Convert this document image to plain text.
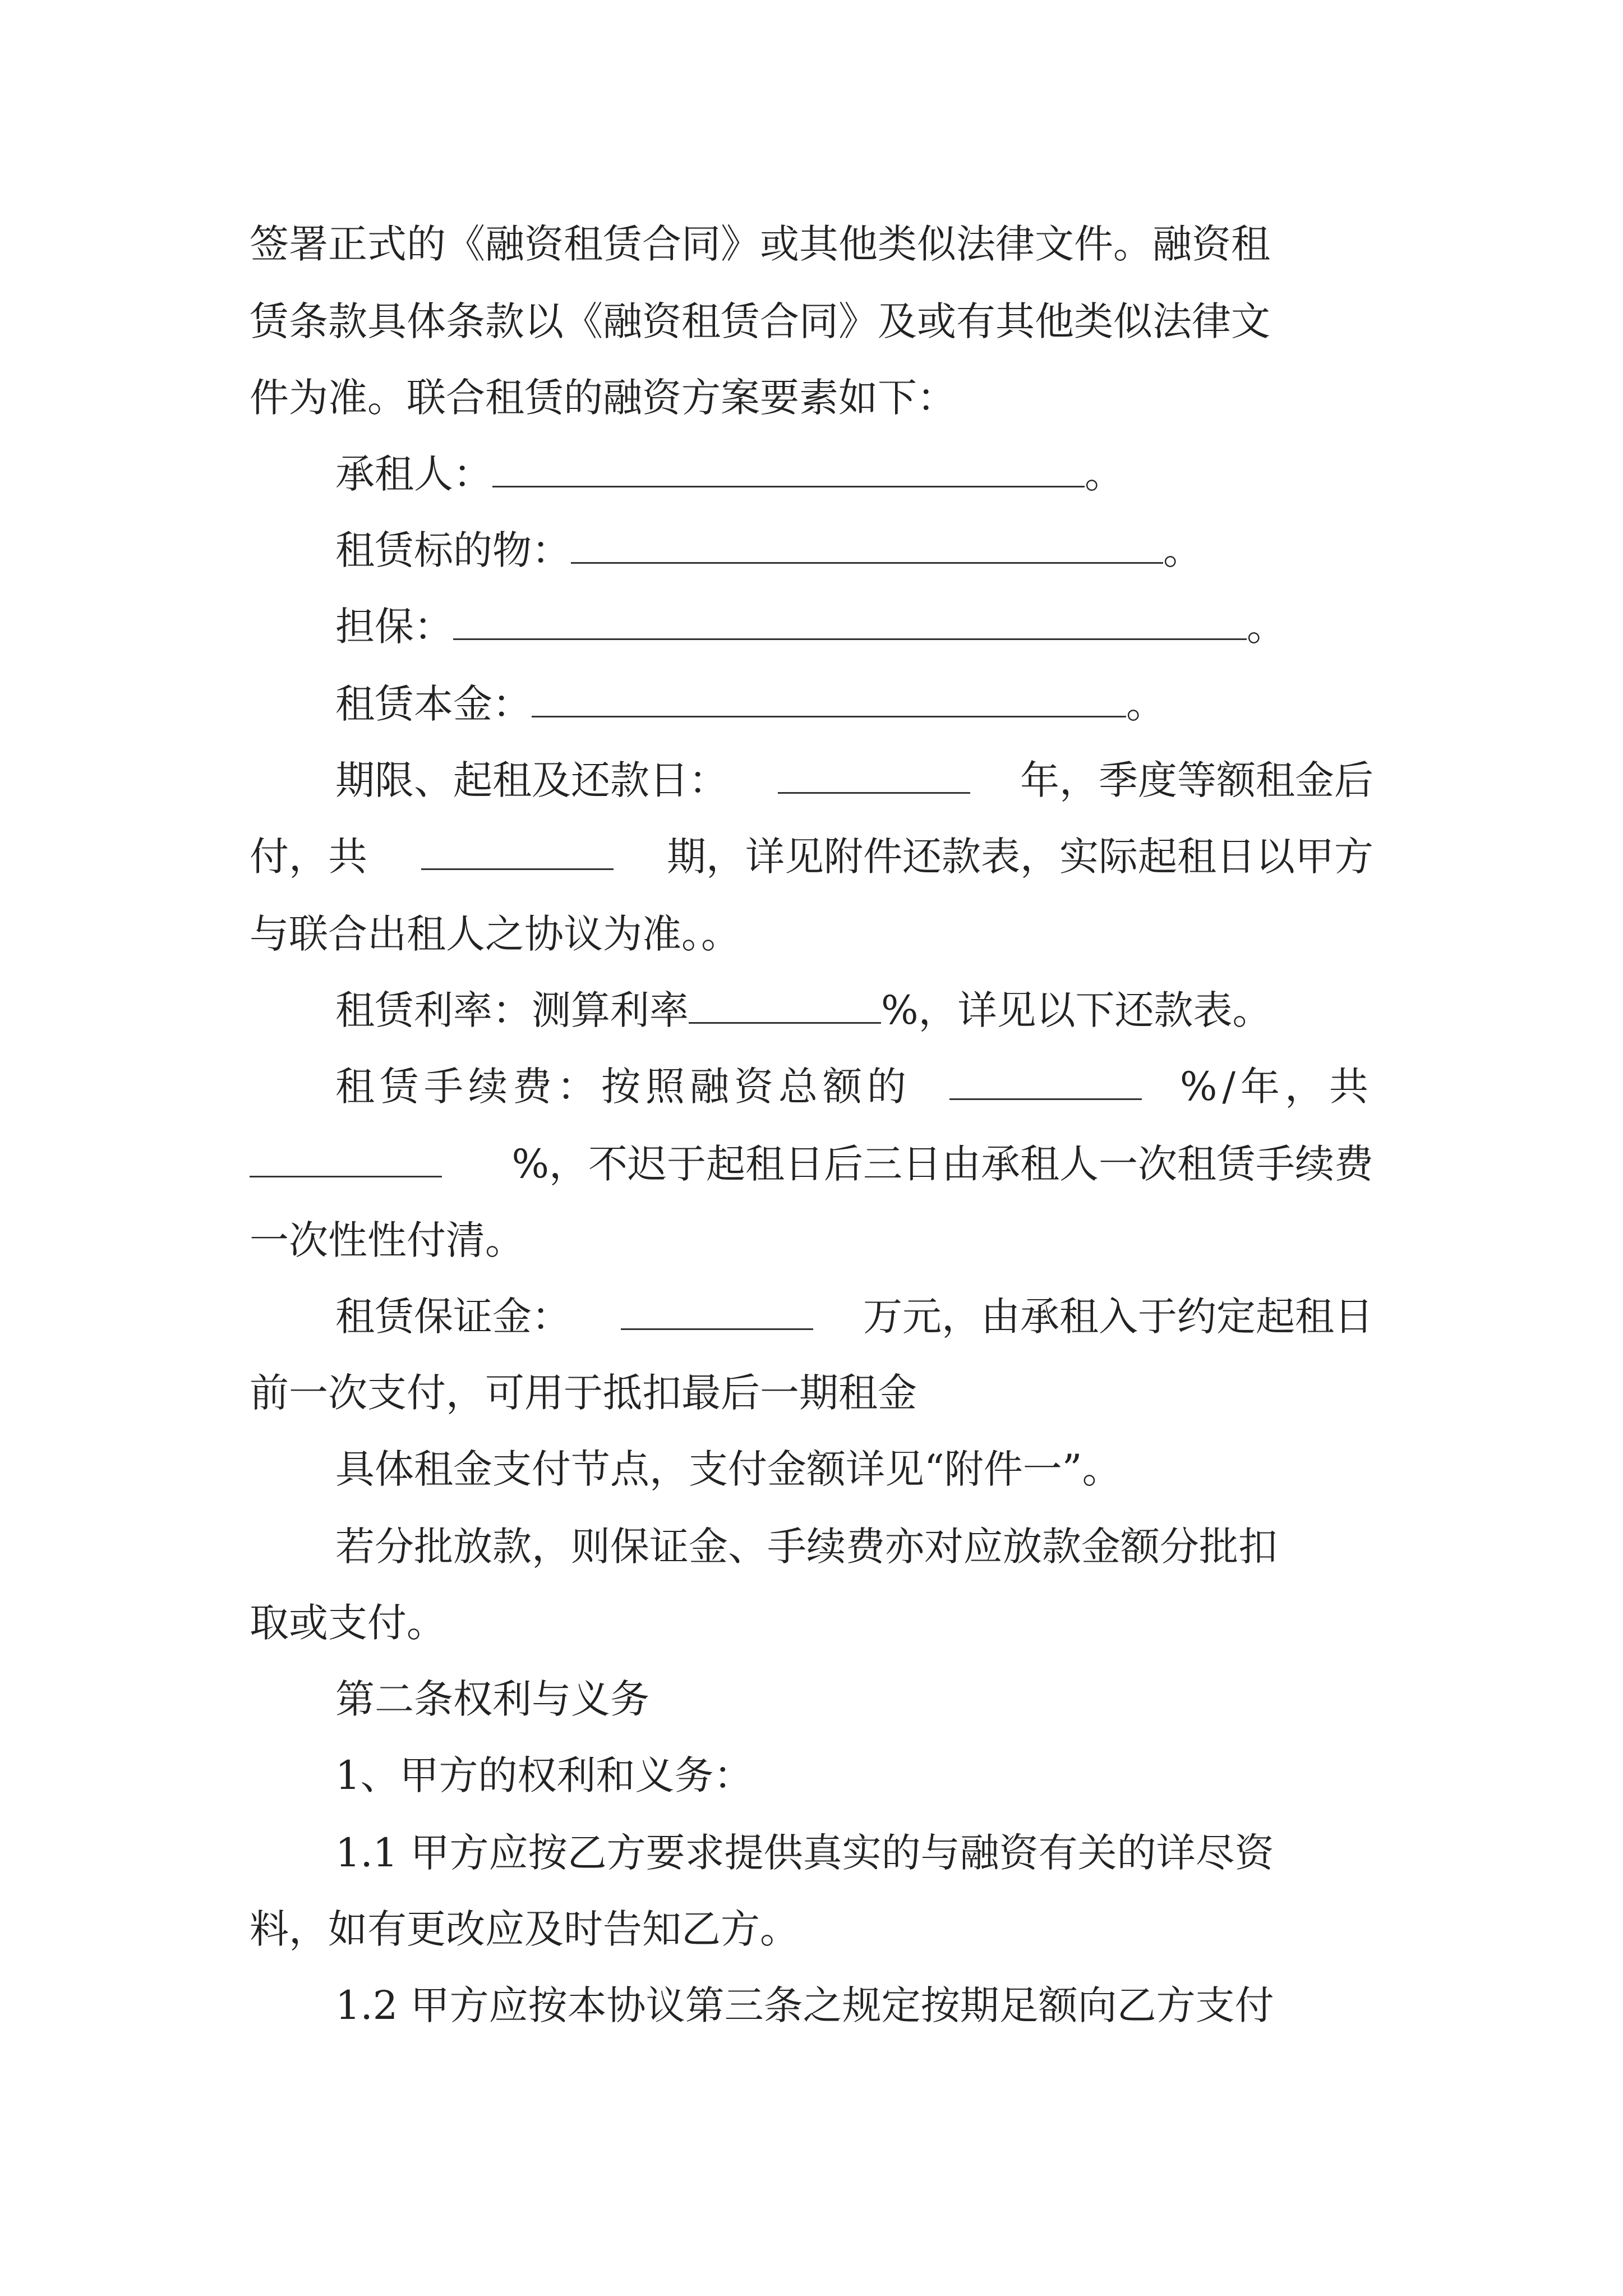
签署正式的《融资租赁合同》或其他类似法律文件。融资租
赁条款具体条款以《融资租赁合同》及或有其他类似法律文
件为准。联合租赁的融资方案要素如下：
承租人：	。
租赁标的物：	。
担保：	。
租赁本金：	。
期限、起租及还款日：	年，季度等额租金后
付，共	期，详见附件还款表，实际起租日以甲方
与联合出租人之协议为准。。
租赁利率：测算利率	%，详见以下还款表。
租赁手续费：按照融资总额的	%/年，共
%，不迟于起租日后三日由承租人一次租赁手续费
一次性性付清。
租赁保证金：	万元，由承租入于约定起租日
前一次支付，可用于抵扣最后一期租金
具体租金支付节点，支付金额详见“附件一”。
若分批放款，则保证金、手续费亦对应放款金额分批扣
取或支付。
第二条权利与义务
1、甲方的权利和义务：
1.1 甲方应按乙方要求提供真实的与融资有关的详尽资
料，如有更改应及时告知乙方。
1.2 甲方应按本协议第三条之规定按期足额向乙方支付
